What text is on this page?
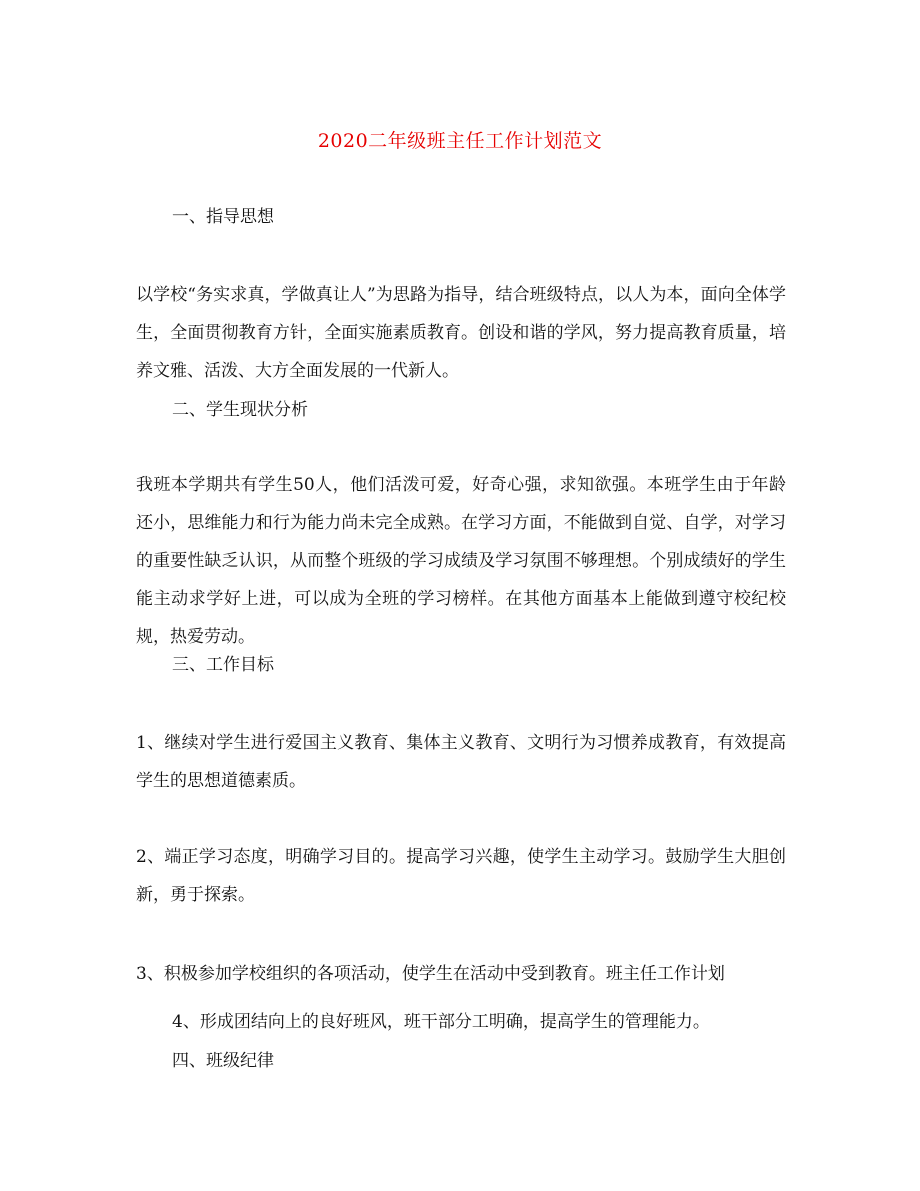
2020二年级班主任工作计划范文
一、指导思想
以学校“务实求真，学做真让人”为思路为指导，结合班级特点，以人为本，面向全体学生，全面贯彻教育方针，全面实施素质教育。创设和谐的学风，努力提高教育质量，培养文雅、活泼、大方全面发展的一代新人。
二、学生现状分析
我班本学期共有学生50人，他们活泼可爱，好奇心强，求知欲强。本班学生由于年龄还小，思维能力和行为能力尚未完全成熟。在学习方面，不能做到自觉、自学，对学习的重要性缺乏认识，从而整个班级的学习成绩及学习氛围不够理想。个别成绩好的学生能主动求学好上进，可以成为全班的学习榜样。在其他方面基本上能做到遵守校纪校规，热爱劳动。
三、工作目标
1、继续对学生进行爱国主义教育、集体主义教育、文明行为习惯养成教育，有效提高学生的思想道德素质。
2、端正学习态度，明确学习目的。提高学习兴趣，使学生主动学习。鼓励学生大胆创新，勇于探索。
3、积极参加学校组织的各项活动，使学生在活动中受到教育。班主任工作计划
4、形成团结向上的良好班风，班干部分工明确，提高学生的管理能力。
四、班级纪律
